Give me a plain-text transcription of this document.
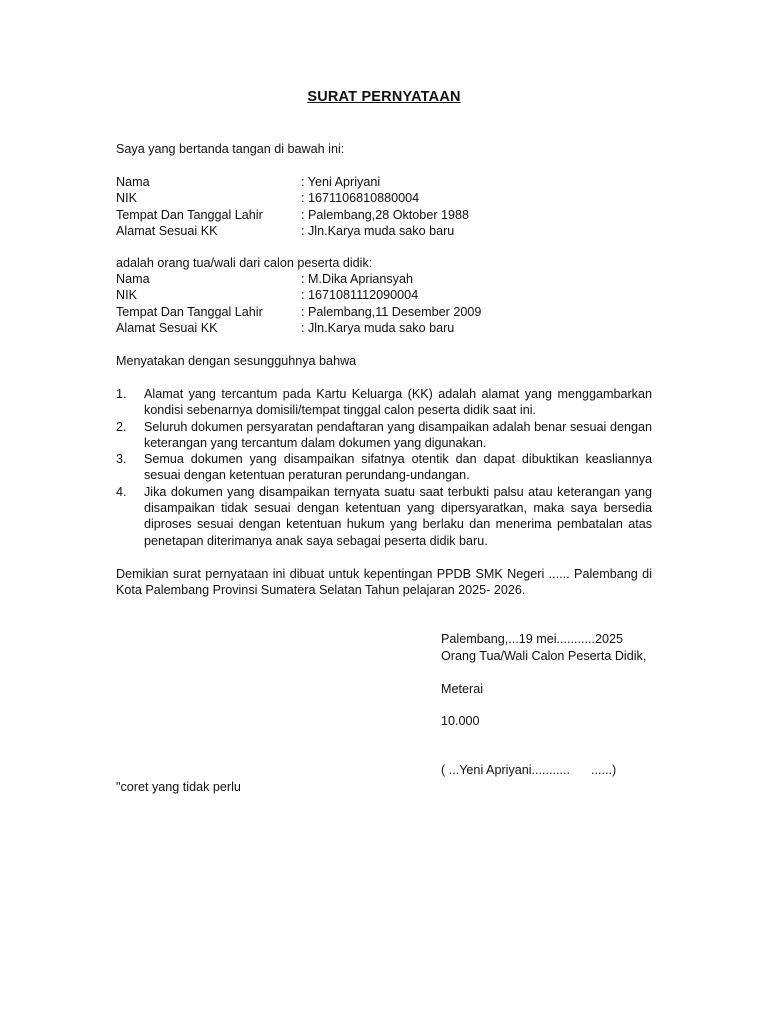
SURAT PERNYATAAN
Saya yang bertanda tangan di bawah ini:
Nama	: Yeni Apriyani
NIK	: 1671106810880004
Tempat Dan Tanggal Lahir	: Palembang,28 Oktober 1988
Alamat Sesuai KK	: Jln.Karya muda sako baru
adalah orang tua/wali dari calon peserta didik:
Nama	: M.Dika Apriansyah
NIK	: 1671081112090004
Tempat Dan Tanggal Lahir	: Palembang,11 Desember 2009
Alamat Sesuai KK	: Jln.Karya muda sako baru
Menyatakan dengan sesungguhnya bahwa
1. Alamat yang tercantum pada Kartu Keluarga (KK) adalah alamat yang menggambarkan kondisi sebenarnya domisili/tempat tinggal calon peserta didik saat ini.
2. Seluruh dokumen persyaratan pendaftaran yang disampaikan adalah benar sesuai dengan keterangan yang tercantum dalam dokumen yang digunakan.
3. Semua dokumen yang disampaikan sifatnya otentik dan dapat dibuktikan keasliannya sesuai dengan ketentuan peraturan perundang-undangan.
4. Jika dokumen yang disampaikan ternyata suatu saat terbukti palsu atau keterangan yang disampaikan tidak sesuai dengan ketentuan yang dipersyaratkan, maka saya bersedia diproses sesuai dengan ketentuan hukum yang berlaku dan menerima pembatalan atas penetapan diterimanya anak saya sebagai peserta didik baru.
Demikian surat pernyataan ini dibuat untuk kepentingan PPDB SMK Negeri ...... Palembang di Kota Palembang Provinsi Sumatera Selatan Tahun pelajaran 2025- 2026.
Palembang,...19 mei...........2025
Orang Tua/Wali Calon Peserta Didik,
Meterai
10.000
( ...Yeni Apriyani...........      ......)
"coret yang tidak perlu
